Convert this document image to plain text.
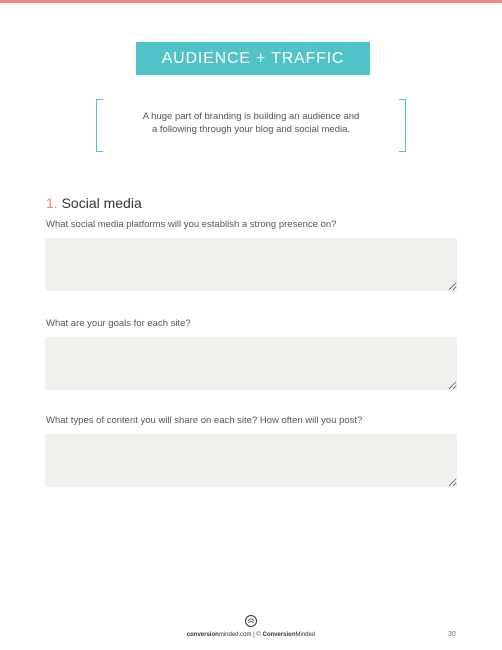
AUDIENCE + TRAFFIC
A huge part of branding is building an audience and
a following through your blog and social media.
1. Social media
What social media platforms will you establish a strong presence on?
What are your goals for each site?
What types of content you will share on each site? How often will you post?
conversionminded.com | © ConversionMinded	30
